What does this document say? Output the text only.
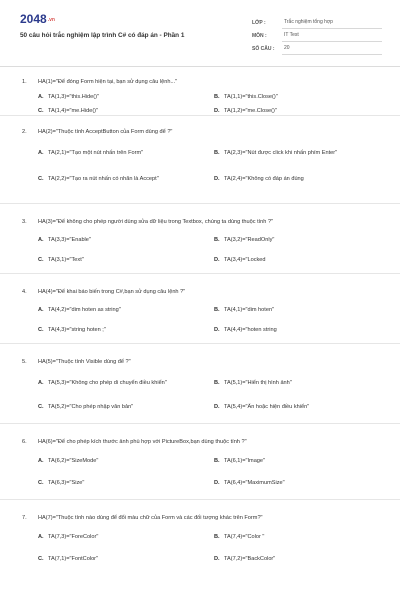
2048.vn
50 câu hỏi trắc nghiệm lập trình C# có đáp án - Phần 1
LỚP :	Trắc nghiệm tổng hợp
MÔN :	IT Test
SỐ CÂU :	20
1.	HA(1)="Để đóng Form hiện tại, bạn sử dụng câu lệnh..."
A. TA(1,3)="this.Hide()"	B. TA(1,1)="this.Close()"
C. TA(1,4)="me.Hide()"	D. TA(1,2)="me.Close()"
2.	HA(2)="Thuộc tính AcceptButton của Form dùng để ?"
A. TA(2,1)="Tạo một nút nhấn trên Form"	B. TA(2,3)="Nút được click khi nhấn phím Enter"
C. TA(2,2)="Tạo ra nút nhấn có nhãn là Accept"	D. TA(2,4)="Không có đáp án đúng
3.	HA(3)="Để không cho phép người dùng sửa dữ liệu trong Textbox, chúng ta dùng thuộc tính ?"
A. TA(3,3)="Enable"	B. TA(3,2)="ReadOnly"
C. TA(3,1)="Text"	D. TA(3,4)="Locked
4.	HA(4)="Để khai báo biến trong C#,bạn sử dụng câu lệnh ?"
A. TA(4,2)="dim hoten as string"	B. TA(4,1)="dim hoten"
C. TA(4,3)="string hoten ;"	D. TA(4,4)="hoten string
5.	HA(5)="Thuộc tính Visible dùng để ?"
A. TA(5,3)="Không cho phép di chuyển điều khiển"	B. TA(5,1)="Hiển thị hình ảnh"
C. TA(5,2)="Cho phép nhập văn bản"	D. TA(5,4)="Ẩn hoặc hiện điều khiển"
6.	HA(6)="Để cho phép kích thước ảnh phù hợp với PictureBox,bạn dùng thuộc tính ?"
A. TA(6,2)="SizeMode"	B. TA(6,1)="Image"
C. TA(6,3)="Size"	D. TA(6,4)="MaximumSize"
7.	HA(7)="Thuộc tính nào dùng để đổi màu chữ của Form và các đối tượng khác trên Form?"
A. TA(7,3)="ForeColor"	B. TA(7,4)="Color "
C. TA(7,1)="FontColor"	D. TA(7,2)="BackColor"
